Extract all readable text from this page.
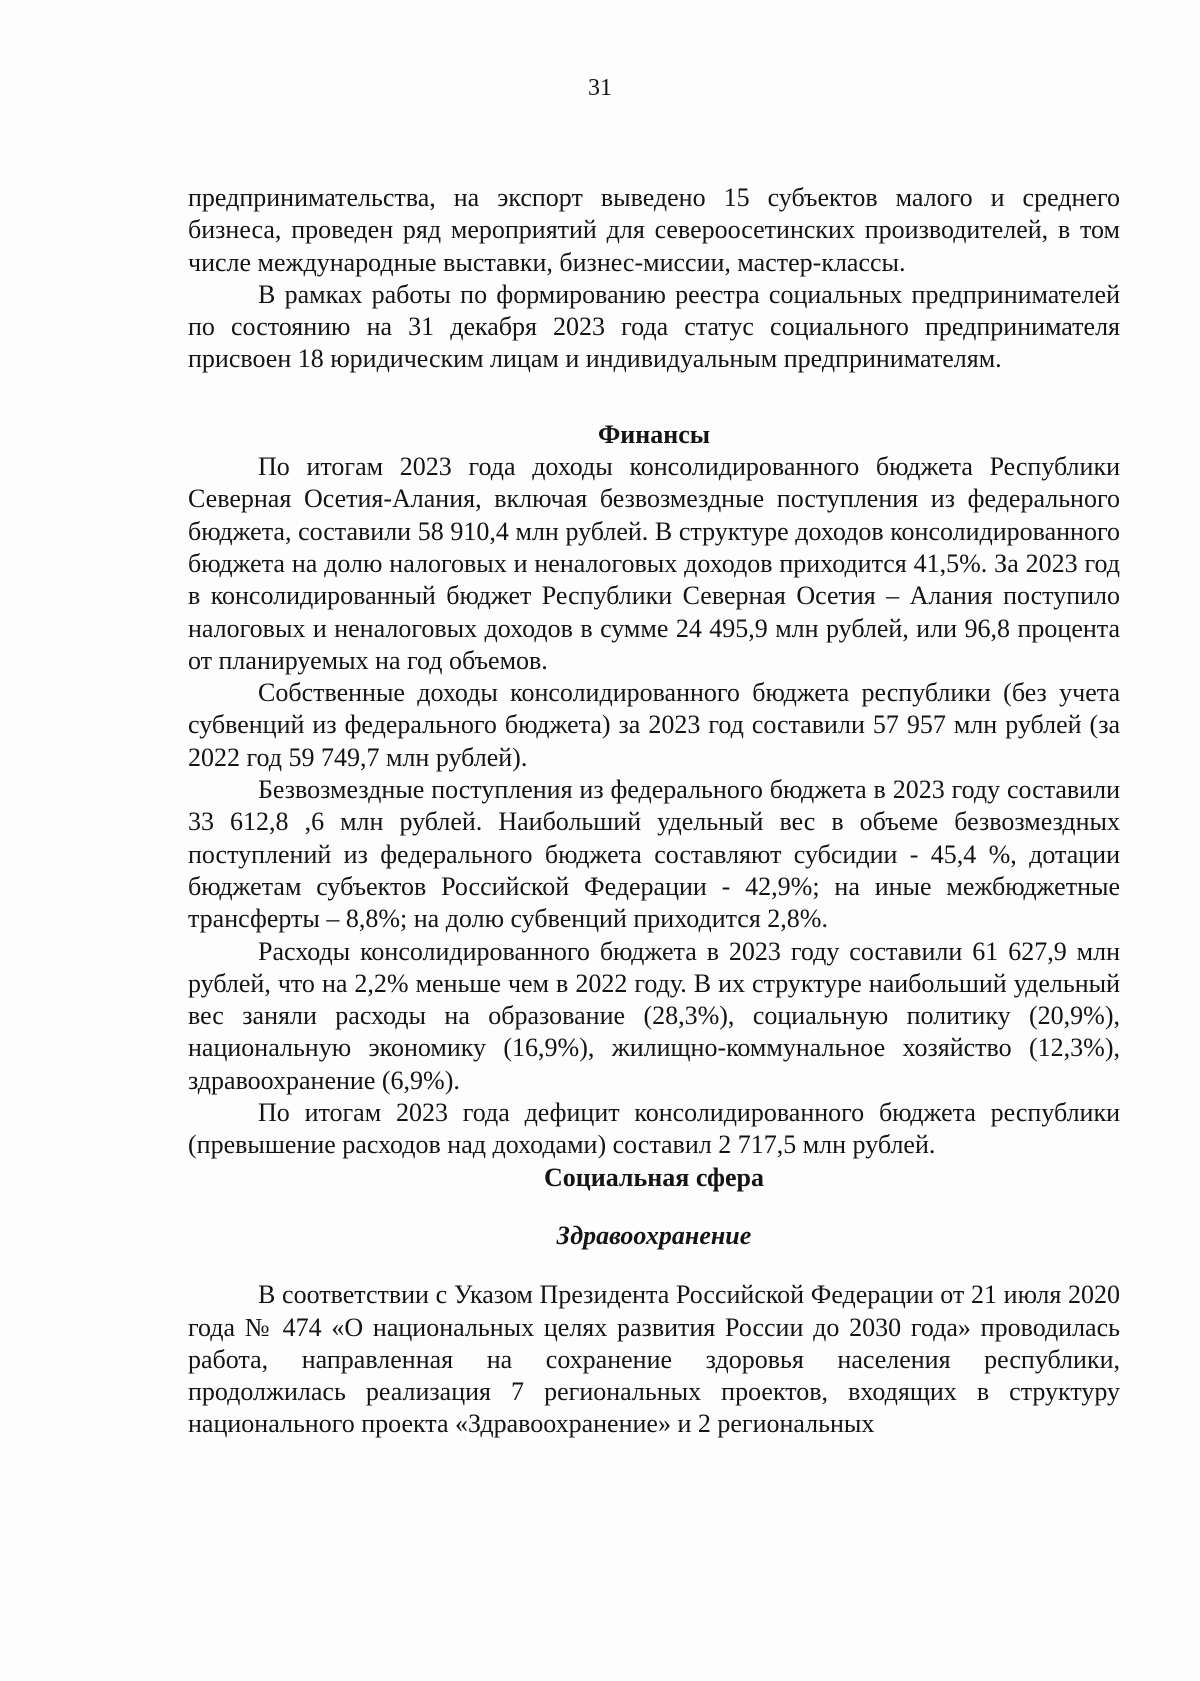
31

предпринимательства, на экспорт выведено 15 субъектов малого и среднего бизнеса, проведен ряд мероприятий для североосетинских производителей, в том числе международные выставки, бизнес-миссии, мастер-классы.

В рамках работы по формированию реестра социальных предпринимателей по состоянию на 31 декабря 2023 года статус социального предпринимателя присвоен 18 юридическим лицам и индивидуальным предпринимателям.

Финансы

По итогам 2023 года доходы консолидированного бюджета Республики Северная Осетия-Алания, включая безвозмездные поступления из федерального бюджета, составили 58 910,4 млн рублей. В структуре доходов консолидированного бюджета на долю налоговых и неналоговых доходов приходится 41,5%. За 2023 год в консолидированный бюджет Республики Северная Осетия – Алания поступило налоговых и неналоговых доходов в сумме 24 495,9 млн рублей, или 96,8 процента от планируемых на год объемов.

Собственные доходы консолидированного бюджета республики (без учета субвенций из федерального бюджета) за 2023 год составили 57 957 млн рублей (за 2022 год 59 749,7 млн рублей).

Безвозмездные поступления из федерального бюджета в 2023 году составили 33 612,8 ,6 млн рублей. Наибольший удельный вес в объеме безвозмездных поступлений из федерального бюджета составляют субсидии - 45,4 %, дотации бюджетам субъектов Российской Федерации - 42,9%; на иные межбюджетные трансферты – 8,8%; на долю субвенций приходится 2,8%.

Расходы консолидированного бюджета в 2023 году составили 61 627,9 млн рублей, что на 2,2% меньше чем в 2022 году. В их структуре наибольший удельный вес заняли расходы на образование (28,3%), социальную политику (20,9%), национальную экономику (16,9%), жилищно-коммунальное хозяйство (12,3%), здравоохранение (6,9%).

По итогам 2023 года дефицит консолидированного бюджета республики (превышение расходов над доходами) составил 2 717,5 млн рублей.

Социальная сфера

Здравоохранение

В соответствии с Указом Президента Российской Федерации от 21 июля 2020 года № 474 «О национальных целях развития России до 2030 года» проводилась работа, направленная на сохранение здоровья населения республики, продолжилась реализация 7 региональных проектов, входящих в структуру национального проекта «Здравоохранение» и 2 региональных
